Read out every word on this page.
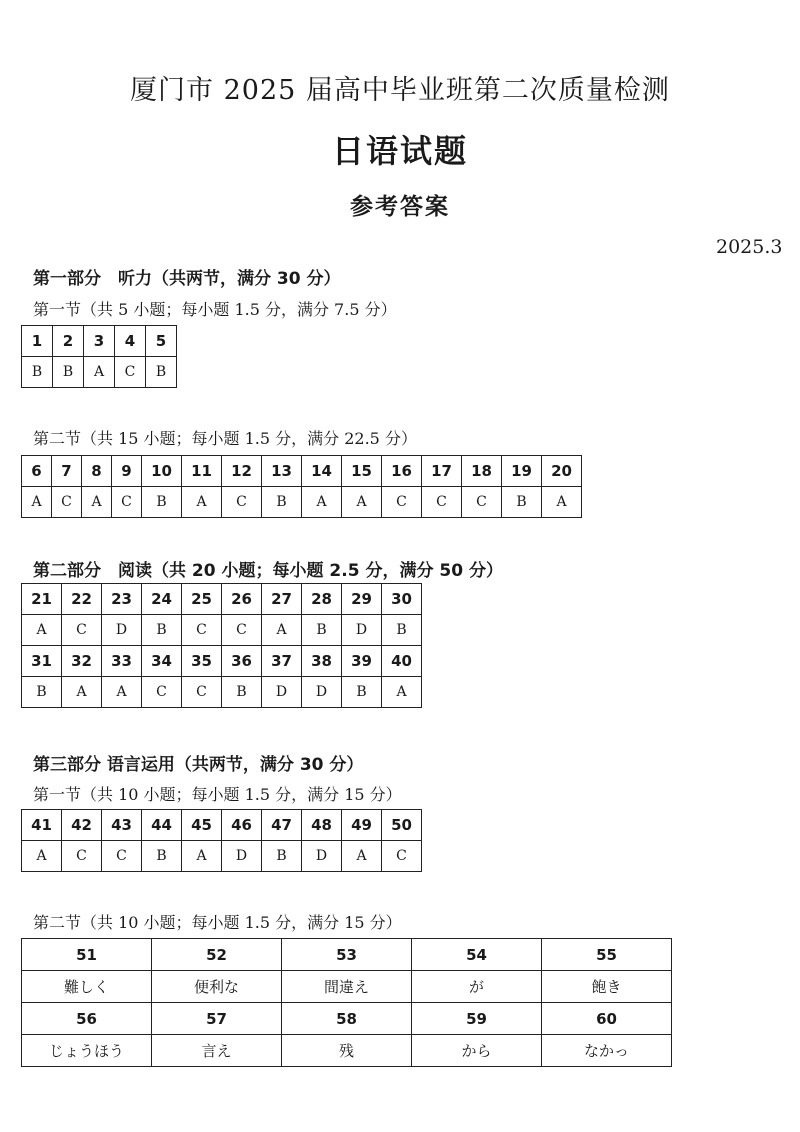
厦门市 2025 届高中毕业班第二次质量检测
日语试题
参考答案
2025.3
第一部分　听力（共两节，满分 30 分）
第一节（共 5 小题；每小题 1.5 分，满分 7.5 分）
1	2	3	4	5
B	B	A	C	B
第二节（共 15 小题；每小题 1.5 分，满分 22.5 分）
6	7	8	9	10	11	12	13	14	15	16	17	18	19	20
A	C	A	C	B	A	C	B	A	A	C	C	C	B	A
第二部分　阅读（共 20 小题；每小题 2.5 分，满分 50 分）
21	22	23	24	25	26	27	28	29	30
A	C	D	B	C	C	A	B	D	B
31	32	33	34	35	36	37	38	39	40
B	A	A	C	C	B	D	D	B	A
第三部分 语言运用（共两节，满分 30 分）
第一节（共 10 小题；每小题 1.5 分，满分 15 分）
41	42	43	44	45	46	47	48	49	50
A	C	C	B	A	D	B	D	A	C
第二节（共 10 小题；每小题 1.5 分，满分 15 分）
51	52	53	54	55
難しく	便利な	間違え	が	飽き
56	57	58	59	60
じょうほう	言え	残	から	なかっ
